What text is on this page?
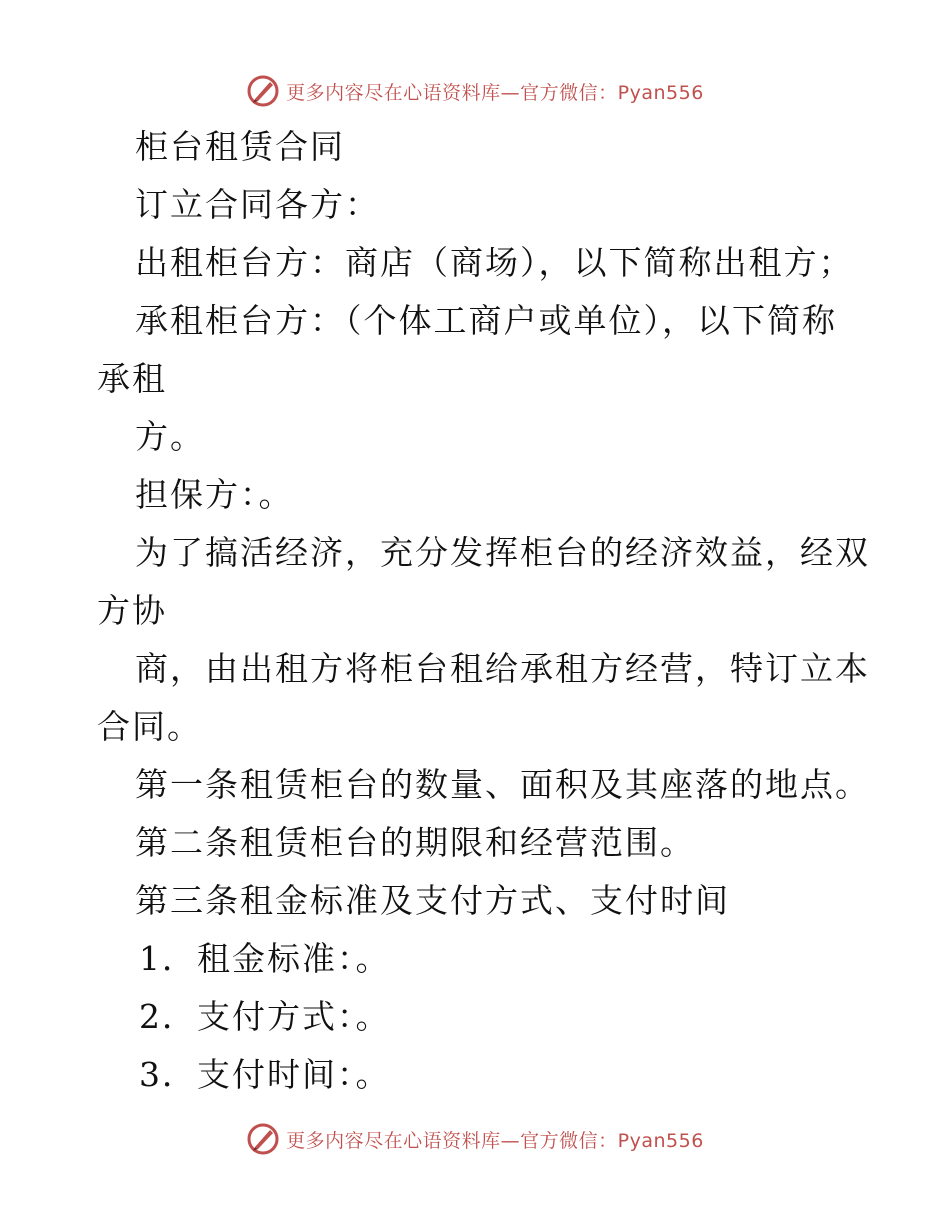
更多内容尽在心语资料库—官方微信：Pyan556
柜台租赁合同
订立合同各方：
出租柜台方：商店（商场），以下简称出租方；
承租柜台方：（个体工商户或单位），以下简称
承租
方。
担保方：。
为了搞活经济，充分发挥柜台的经济效益，经双
方协
商，由出租方将柜台租给承租方经营，特订立本
合同。
第一条租赁柜台的数量、面积及其座落的地点。
第二条租赁柜台的期限和经营范围。
第三条租金标准及支付方式、支付时间
1．租金标准：。
2．支付方式：。
3．支付时间：。
更多内容尽在心语资料库—官方微信：Pyan556
